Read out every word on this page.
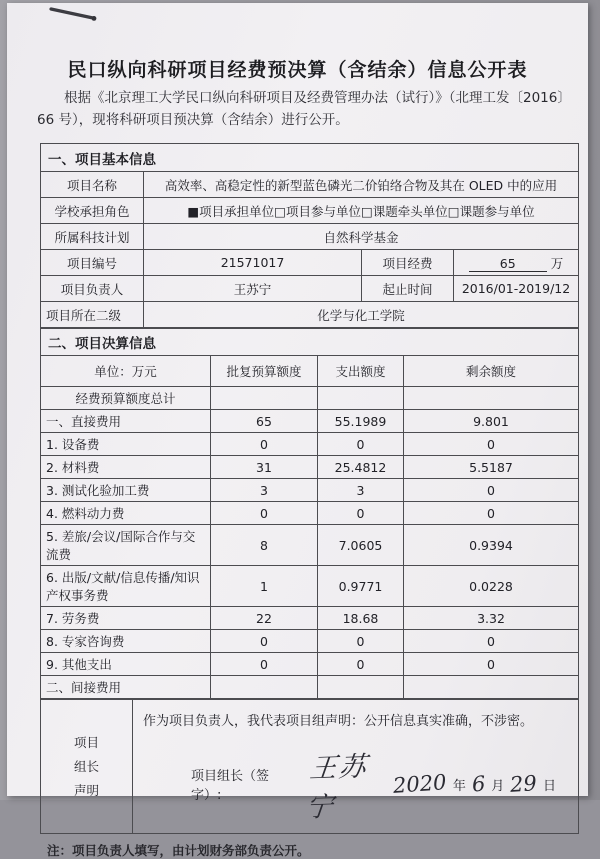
民口纵向科研项目经费预决算（含结余）信息公开表
根据《北京理工大学民口纵向科研项目及经费管理办法（试行）》（北理工发〔2016〕66 号），现将科研项目预决算（含结余）进行公开。
一、项目基本信息			
项目名称	高效率、高稳定性的新型蓝色磷光二价铂络合物及其在 OLED 中的应用		
学校承担角色	■项目承担单位□项目参与单位□课题牵头单位□课题参与单位		
所属科技计划	自然科学基金		
项目编号	21571017	项目经费	65 万
项目负责人	王苏宁	起止时间	2016/01-2019/12
项目所在二级	化学与化工学院		
二、项目决算信息			
单位：万元	批复预算额度	支出额度	剩余额度
经费预算额度总计			
一、直接费用	65	55.1989	9.801
1. 设备费	0	0	0
2. 材料费	31	25.4812	5.5187
3. 测试化验加工费	3	3	0
4. 燃料动力费	0	0	0
5. 差旅/会议/国际合作与交流费	8	7.0605	0.9394
6. 出版/文献/信息传播/知识产权事务费	1	0.9771	0.0228
7. 劳务费	22	18.68	3.32
8. 专家咨询费	0	0	0
9. 其他支出	0	0	0
二、间接费用			
项目
组长
声明

作为项目负责人，我代表项目组声明：公开信息真实准确，不涉密。
项目组长（签字）:
王苏宁
2020 年 6 月 29 日
注：项目负责人填写，由计划财务部负责公开。
